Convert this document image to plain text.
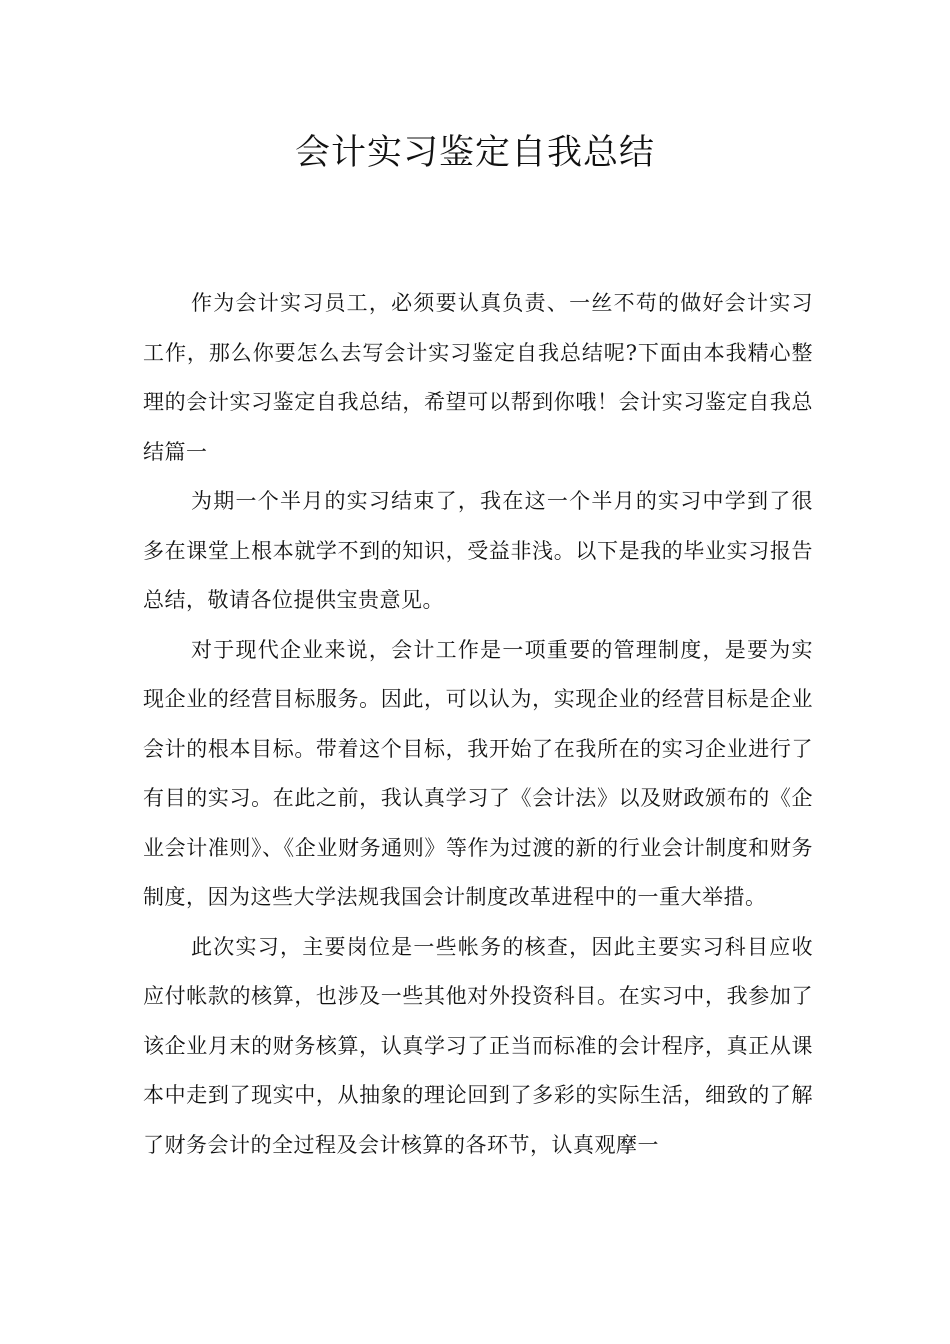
会计实习鉴定自我总结

作为会计实习员工，必须要认真负责、一丝不苟的做好会计实习工作，那么你要怎么去写会计实习鉴定自我总结呢?下面由本我精心整理的会计实习鉴定自我总结，希望可以帮到你哦！会计实习鉴定自我总结篇一

为期一个半月的实习结束了，我在这一个半月的实习中学到了很多在课堂上根本就学不到的知识，受益非浅。以下是我的毕业实习报告总结，敬请各位提供宝贵意见。

对于现代企业来说，会计工作是一项重要的管理制度，是要为实现企业的经营目标服务。因此，可以认为，实现企业的经营目标是企业会计的根本目标。带着这个目标，我开始了在我所在的实习企业进行了有目的实习。在此之前，我认真学习了《会计法》以及财政颁布的《企业会计准则》、《企业财务通则》等作为过渡的新的行业会计制度和财务制度，因为这些大学法规我国会计制度改革进程中的一重大举措。

此次实习，主要岗位是一些帐务的核查，因此主要实习科目应收应付帐款的核算，也涉及一些其他对外投资科目。在实习中，我参加了该企业月末的财务核算，认真学习了正当而标准的会计程序，真正从课本中走到了现实中，从抽象的理论回到了多彩的实际生活，细致的了解了财务会计的全过程及会计核算的各环节，认真观摩一
